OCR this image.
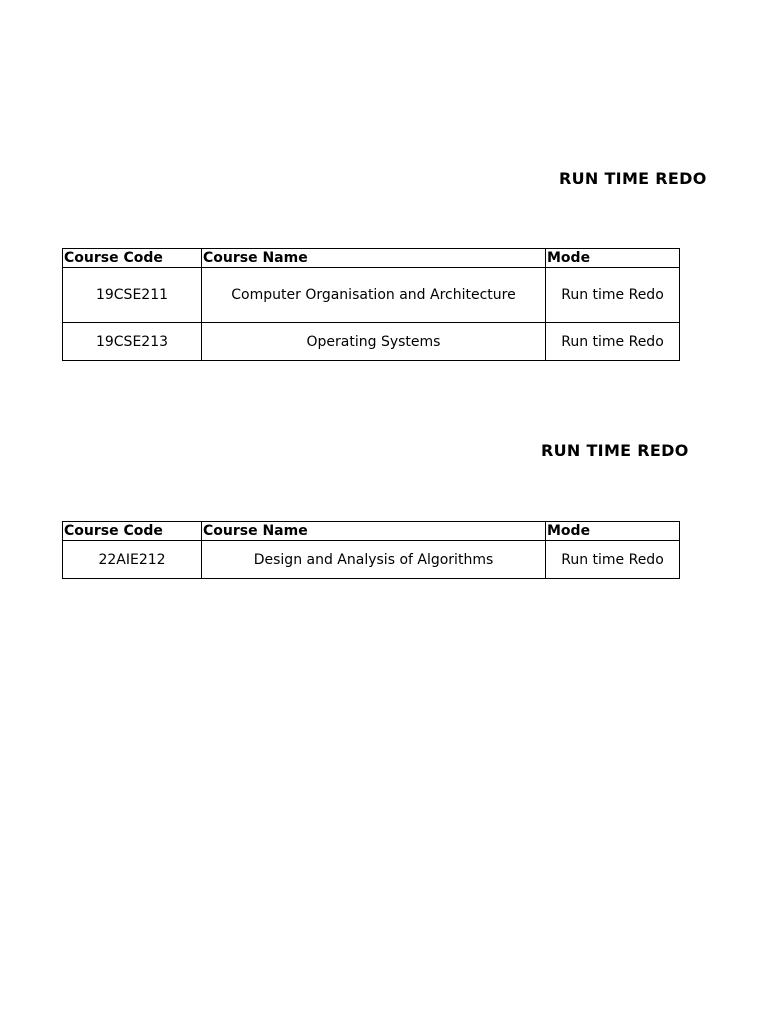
RUN TIME REDO
Course Code	Course Name	Mode
19CSE211	Computer Organisation and Architecture	Run time Redo
19CSE213	Operating Systems	Run time Redo
RUN TIME REDO
Course Code	Course Name	Mode
22AIE212	Design and Analysis of Algorithms	Run time Redo
